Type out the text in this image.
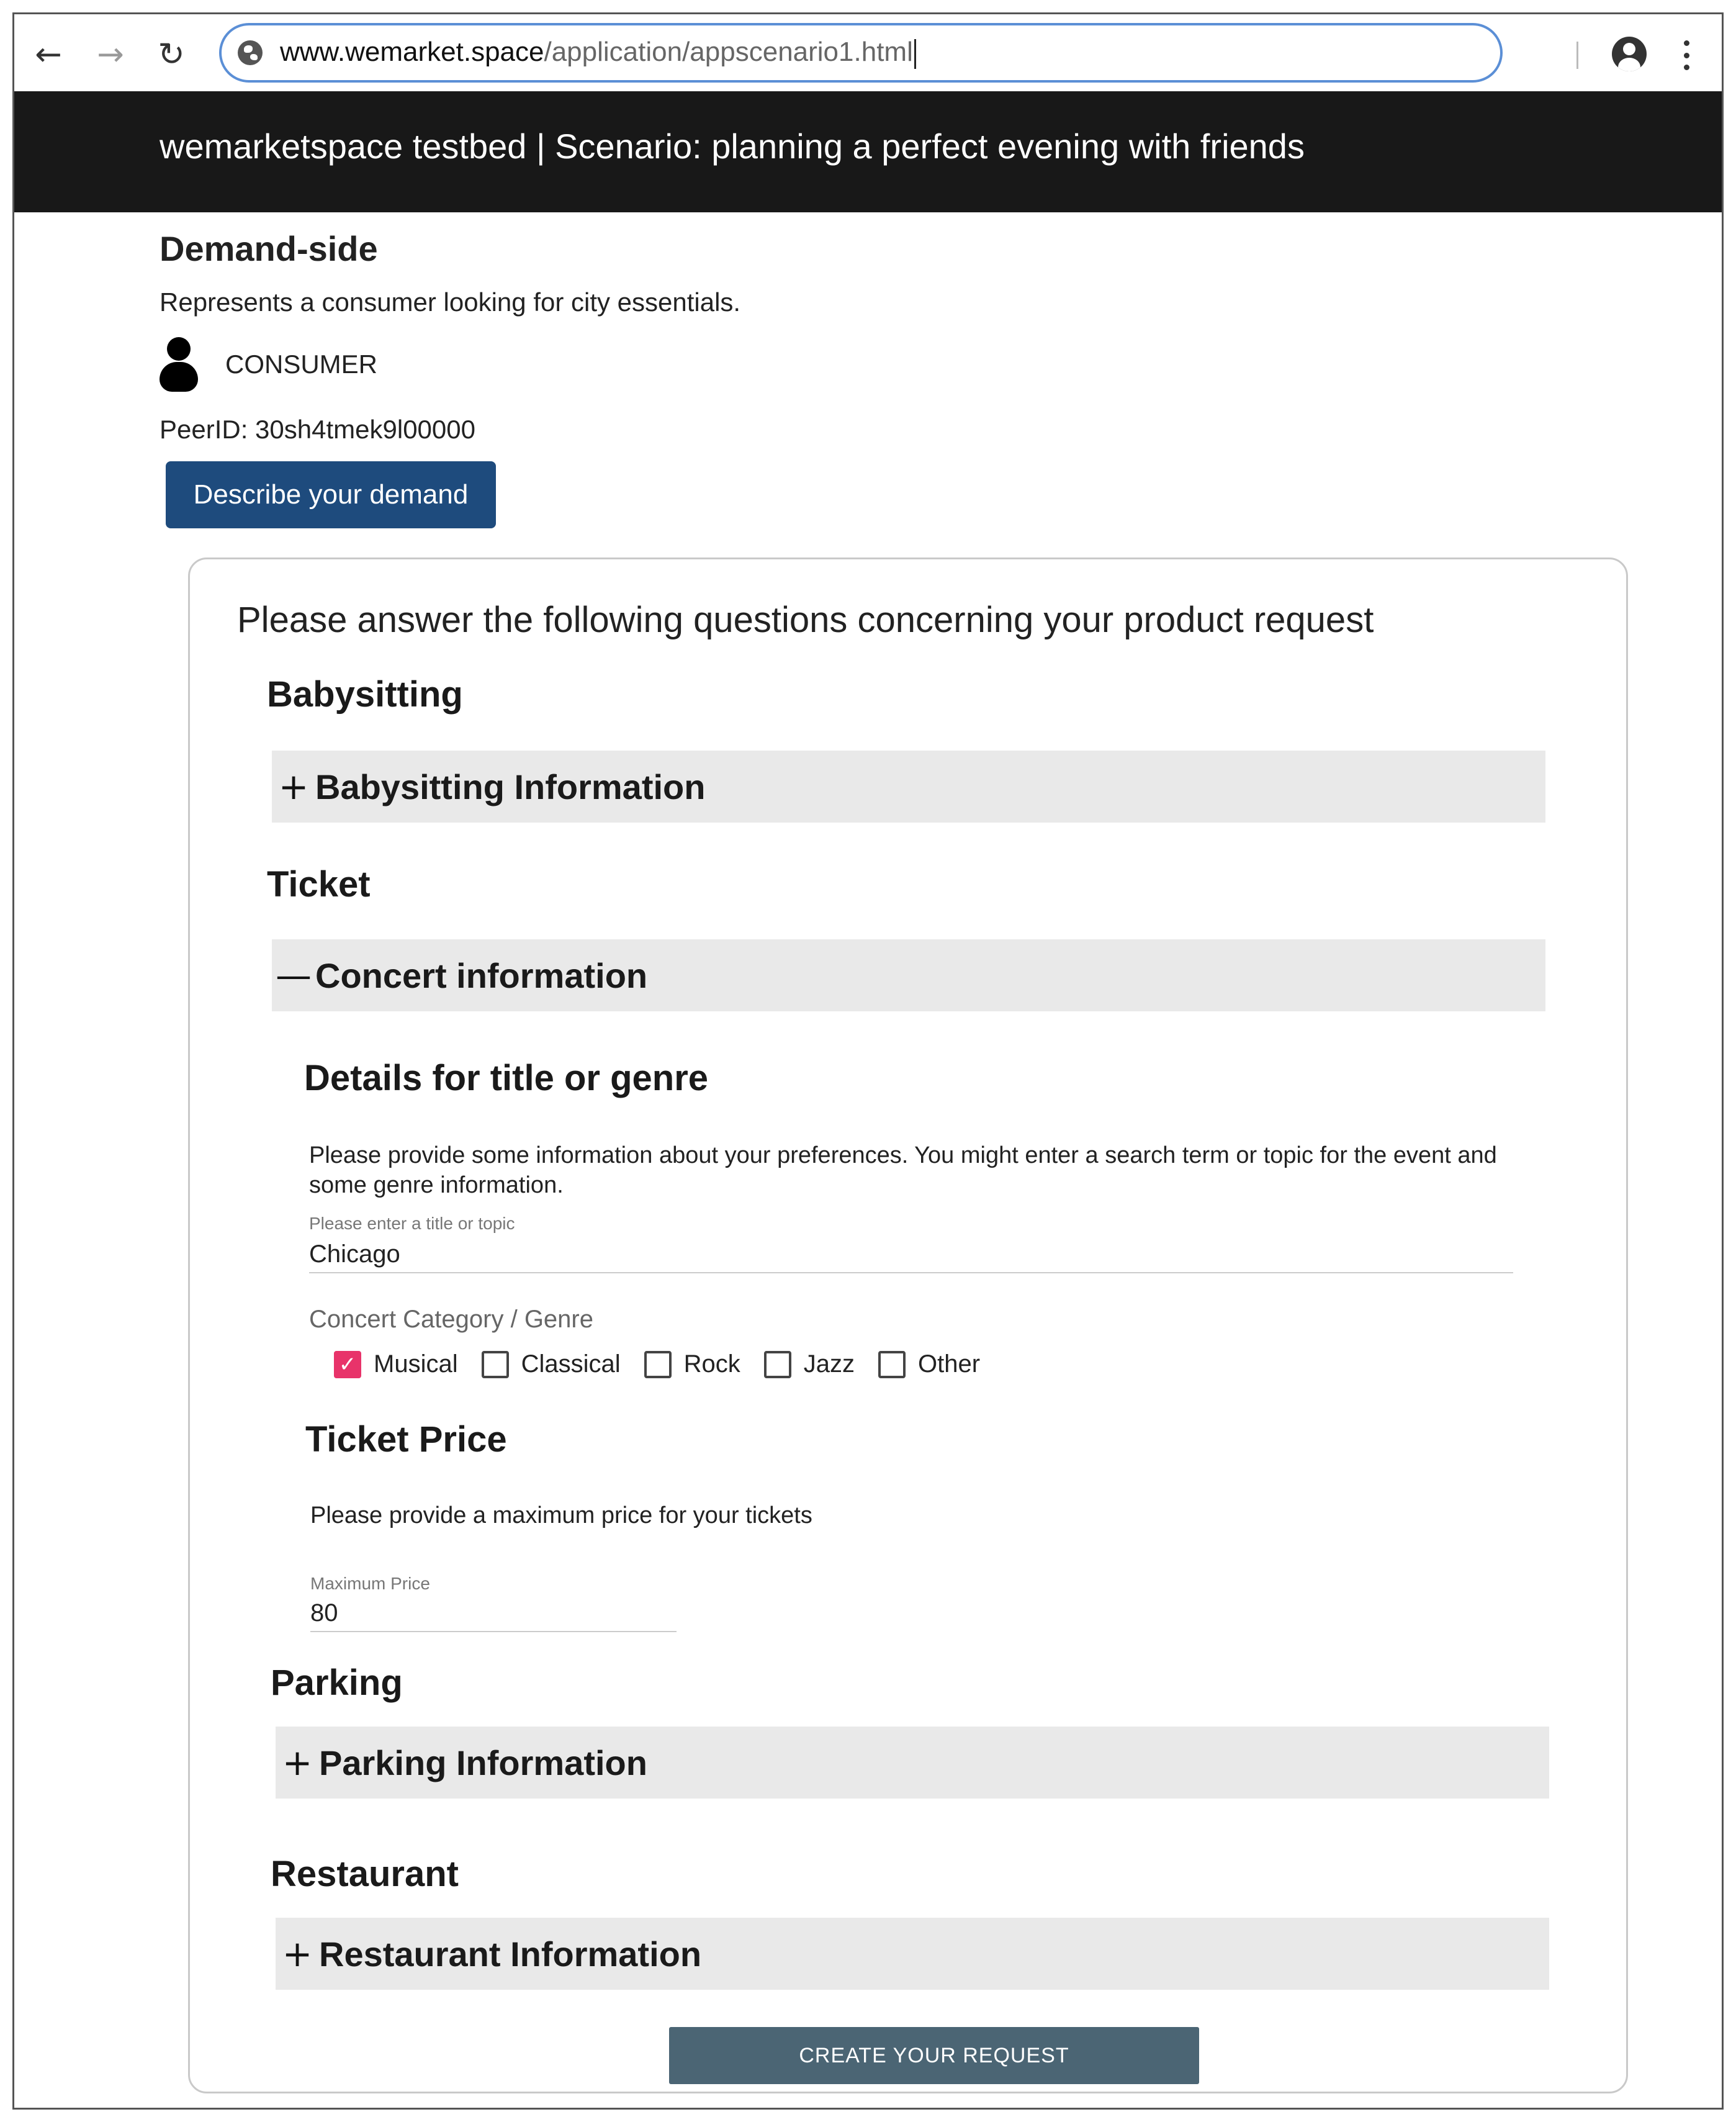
← → ↻	www.wemarket.space/application/appscenario1.html
wemarketspace testbed | Scenario: planning a perfect evening with friends
Demand-side
Represents a consumer looking for city essentials.
CONSUMER
PeerID: 30sh4tmek9l00000
Describe your demand
Please answer the following questions concerning your product request
Babysitting
+ Babysitting Information
Ticket
— Concert information
Details for title or genre
Please provide some information about your preferences. You might enter a search term or topic for the event and some genre information.
Please enter a title or topic
Chicago
Concert Category / Genre
✓ Musical	Classical	Rock	Jazz	Other
Ticket Price
Please provide a maximum price for your tickets
Maximum Price
80
Parking
+ Parking Information
Restaurant
+ Restaurant Information
CREATE YOUR REQUEST
